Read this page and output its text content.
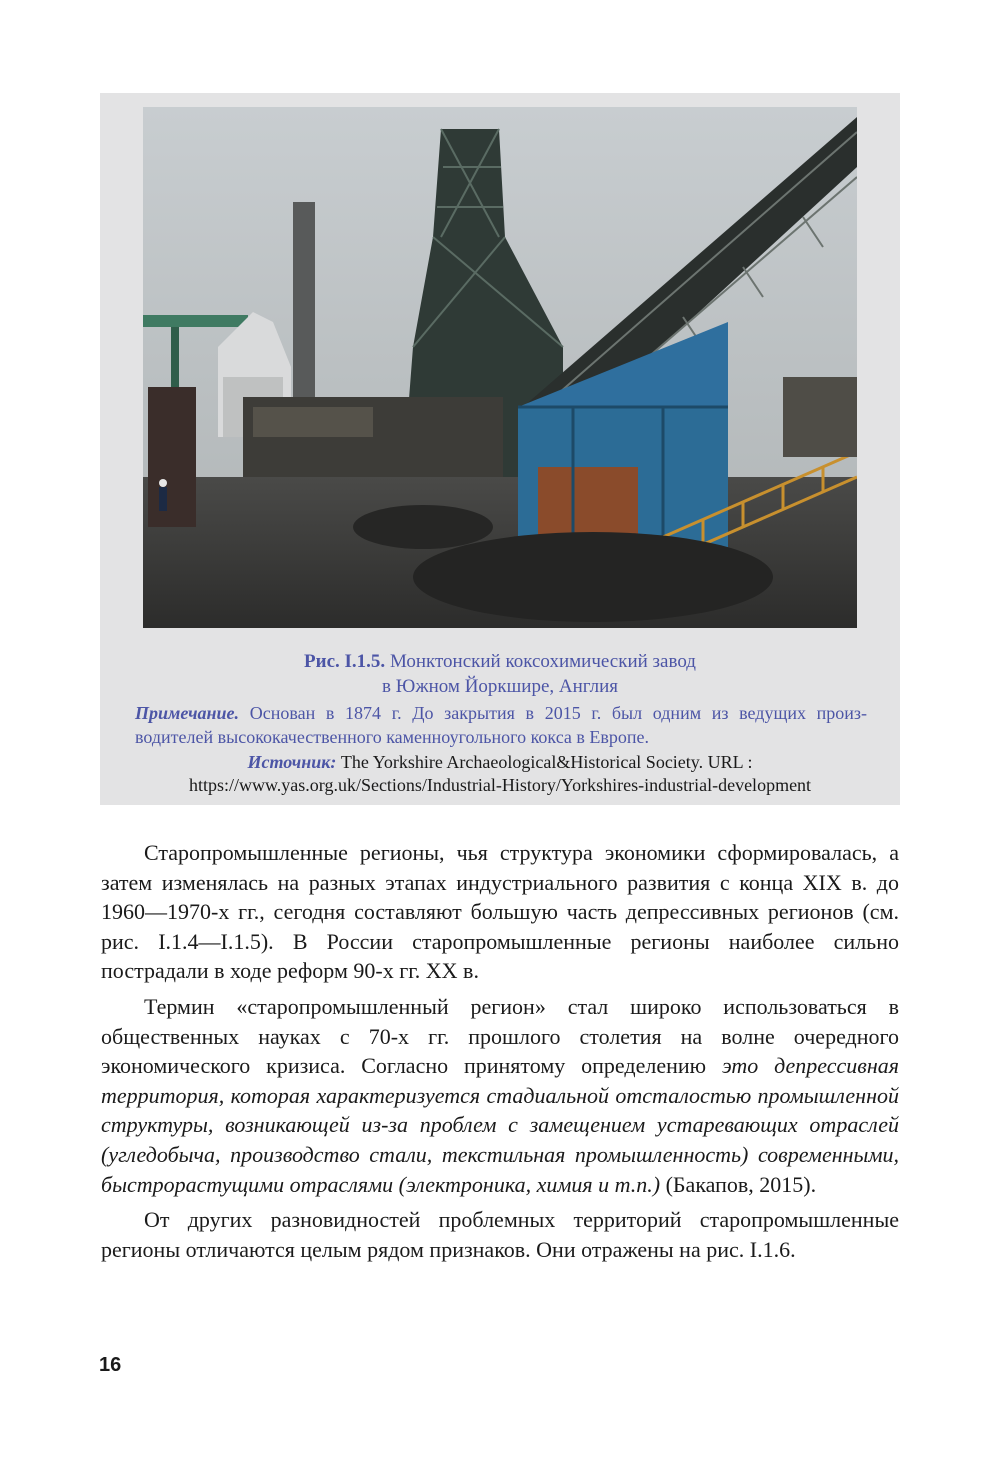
Рис. I.1.5. Монктонский коксохимический завод
в Южном Йоркшире, Англия
Примечание. Основан в 1874 г. До закрытия в 2015 г. был одним из ведущих произ-
водителей высококачественного каменноугольного кокса в Европе.
Источник: The Yorkshire Archaeological&Historical Society. URL :
https://www.yas.org.uk/Sections/Industrial-History/Yorkshires-industrial-development

Старопромышленные регионы, чья структура экономики сформировалась, а затем изменялась на разных этапах индустриального развития с конца XIX в. до 1960—1970-х гг., сегодня составляют большую часть депрессивных регионов (см. рис. I.1.4—I.1.5). В России старопромышленные регионы наиболее сильно пострадали в ходе реформ 90-х гг. XX в.

Термин «старопромышленный регион» стал широко использоваться в общественных науках с 70-х гг. прошлого столетия на волне очередного экономического кризиса. Согласно принятому определению это депрессивная территория, которая характеризуется стадиальной отсталостью промышленной структуры, возникающей из-за проблем с замещением устаревающих отраслей (угледобыча, производство стали, текстильная промышленность) современными, быстрорастущими отраслями (электроника, химия и т.п.) (Бакапов, 2015).

От других разновидностей проблемных территорий старопромышленные регионы отличаются целым рядом признаков. Они отражены на рис. I.1.6.

16
